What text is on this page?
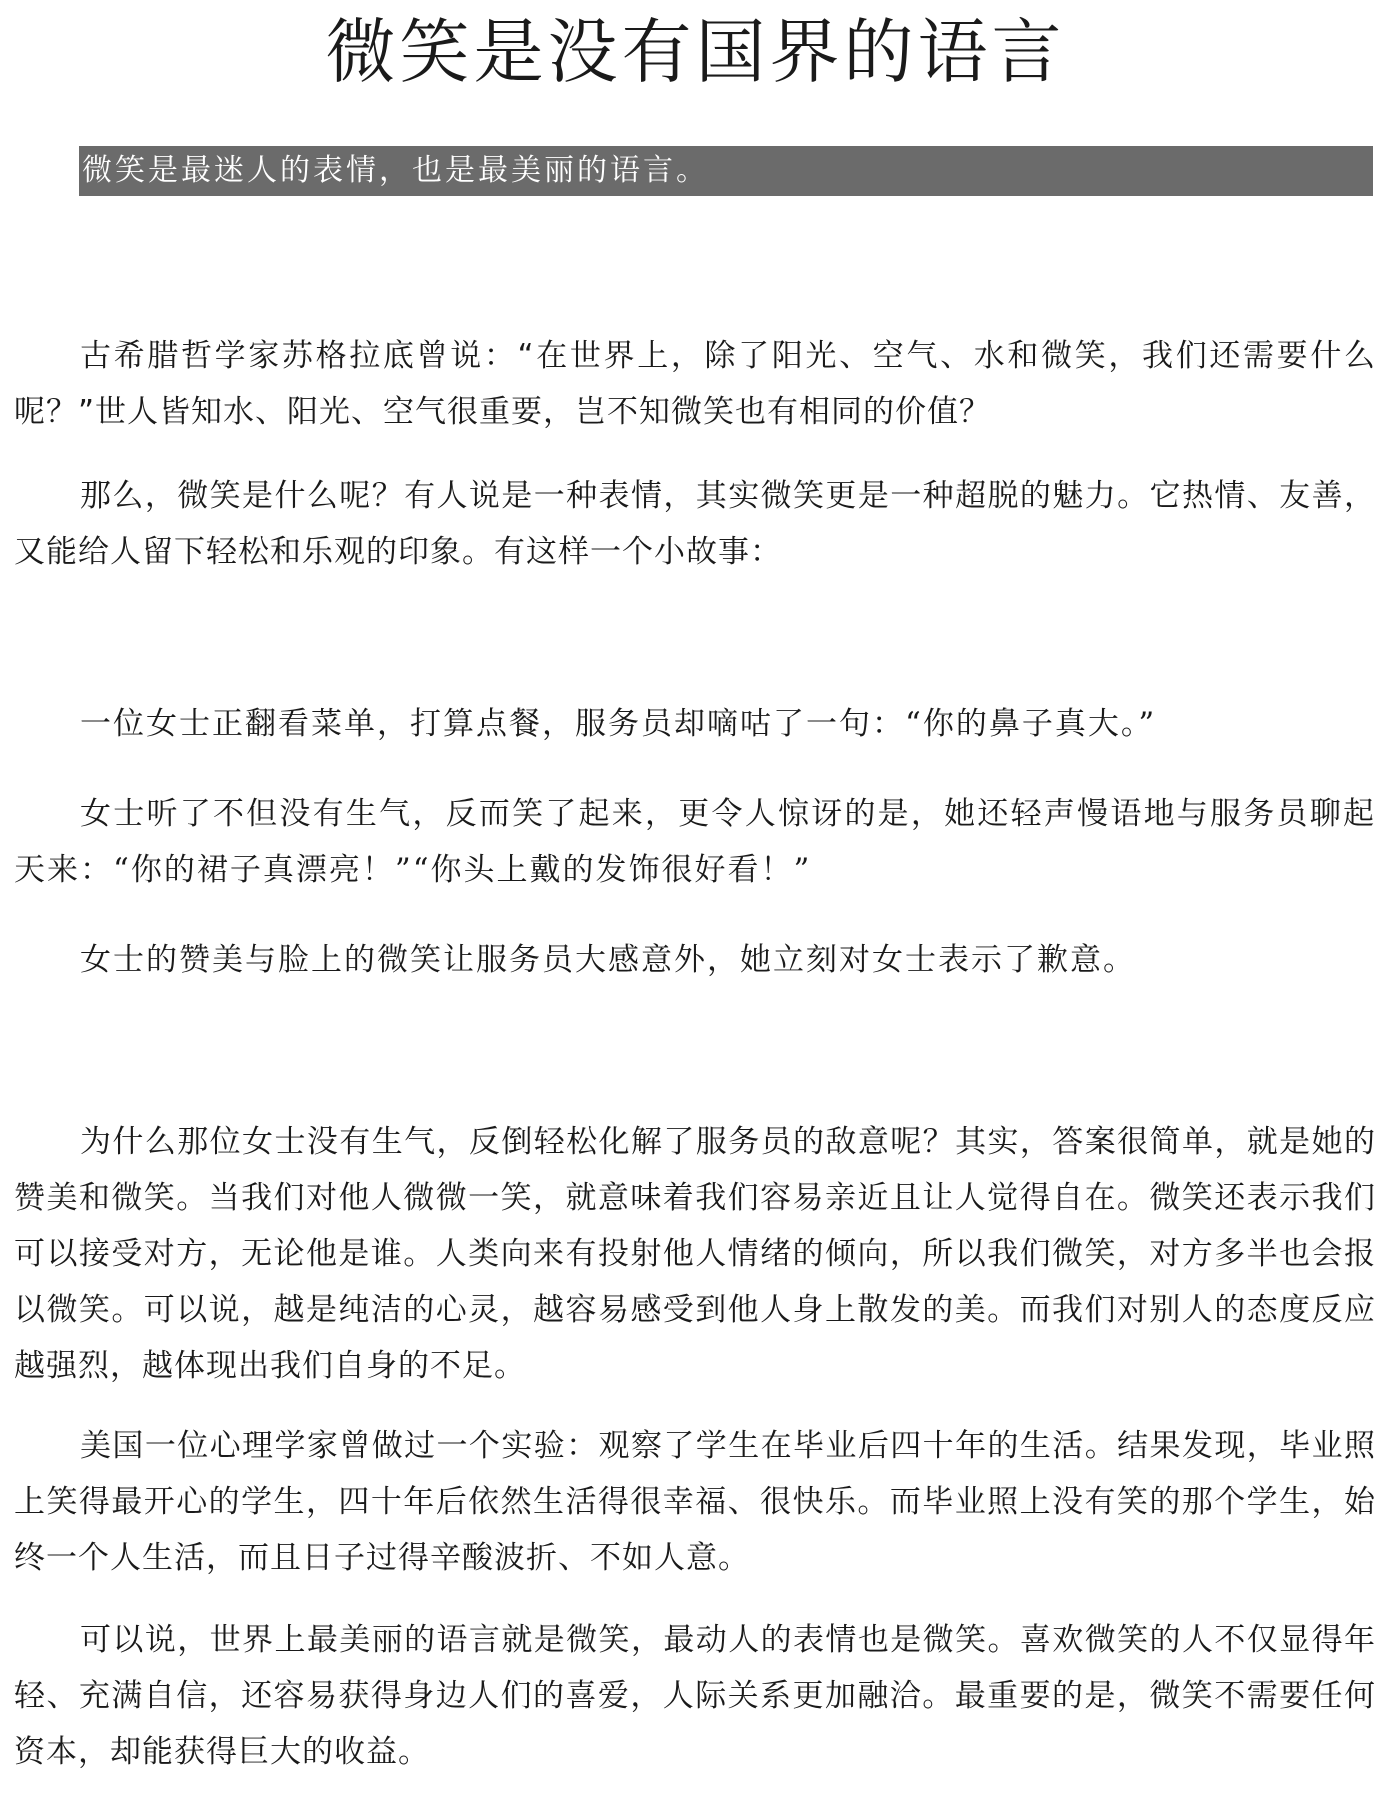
微笑是没有国界的语言
微笑是最迷人的表情，也是最美丽的语言。

古希腊哲学家苏格拉底曾说：“在世界上，除了阳光、空气、水和微笑，我们还需要什么呢？”世人皆知水、阳光、空气很重要，岂不知微笑也有相同的价值？

那么，微笑是什么呢？有人说是一种表情，其实微笑更是一种超脱的魅力。它热情、友善，又能给人留下轻松和乐观的印象。有这样一个小故事：

一位女士正翻看菜单，打算点餐，服务员却嘀咕了一句：“你的鼻子真大。”

女士听了不但没有生气，反而笑了起来，更令人惊讶的是，她还轻声慢语地与服务员聊起天来：“你的裙子真漂亮！”“你头上戴的发饰很好看！”

女士的赞美与脸上的微笑让服务员大感意外，她立刻对女士表示了歉意。

为什么那位女士没有生气，反倒轻松化解了服务员的敌意呢？其实，答案很简单，就是她的赞美和微笑。当我们对他人微微一笑，就意味着我们容易亲近且让人觉得自在。微笑还表示我们可以接受对方，无论他是谁。人类向来有投射他人情绪的倾向，所以我们微笑，对方多半也会报以微笑。可以说，越是纯洁的心灵，越容易感受到他人身上散发的美。而我们对别人的态度反应越强烈，越体现出我们自身的不足。

美国一位心理学家曾做过一个实验：观察了学生在毕业后四十年的生活。结果发现，毕业照上笑得最开心的学生，四十年后依然生活得很幸福、很快乐。而毕业照上没有笑的那个学生，始终一个人生活，而且日子过得辛酸波折、不如人意。

可以说，世界上最美丽的语言就是微笑，最动人的表情也是微笑。喜欢微笑的人不仅显得年轻、充满自信，还容易获得身边人们的喜爱，人际关系更加融洽。最重要的是，微笑不需要任何资本，却能获得巨大的收益。
